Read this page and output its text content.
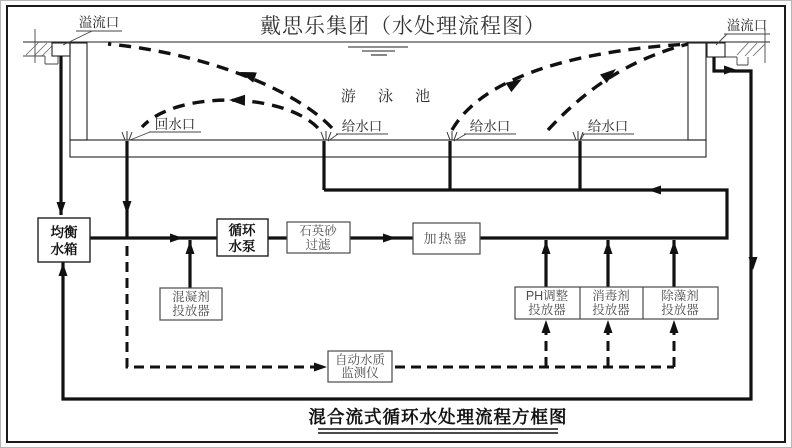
均衡
水箱
循环
水泵
石英砂
过滤	加热器
混凝剂
投放器
PH调整
投放器
消毒剂
投放器
除藻剂
投放器
自动水质
监测仪
溢流口	溢流口
游 泳 池
回水口	给水口	给水口	给水口
戴思乐集团（水处理流程图）
混合流式循环水处理流程方框图
